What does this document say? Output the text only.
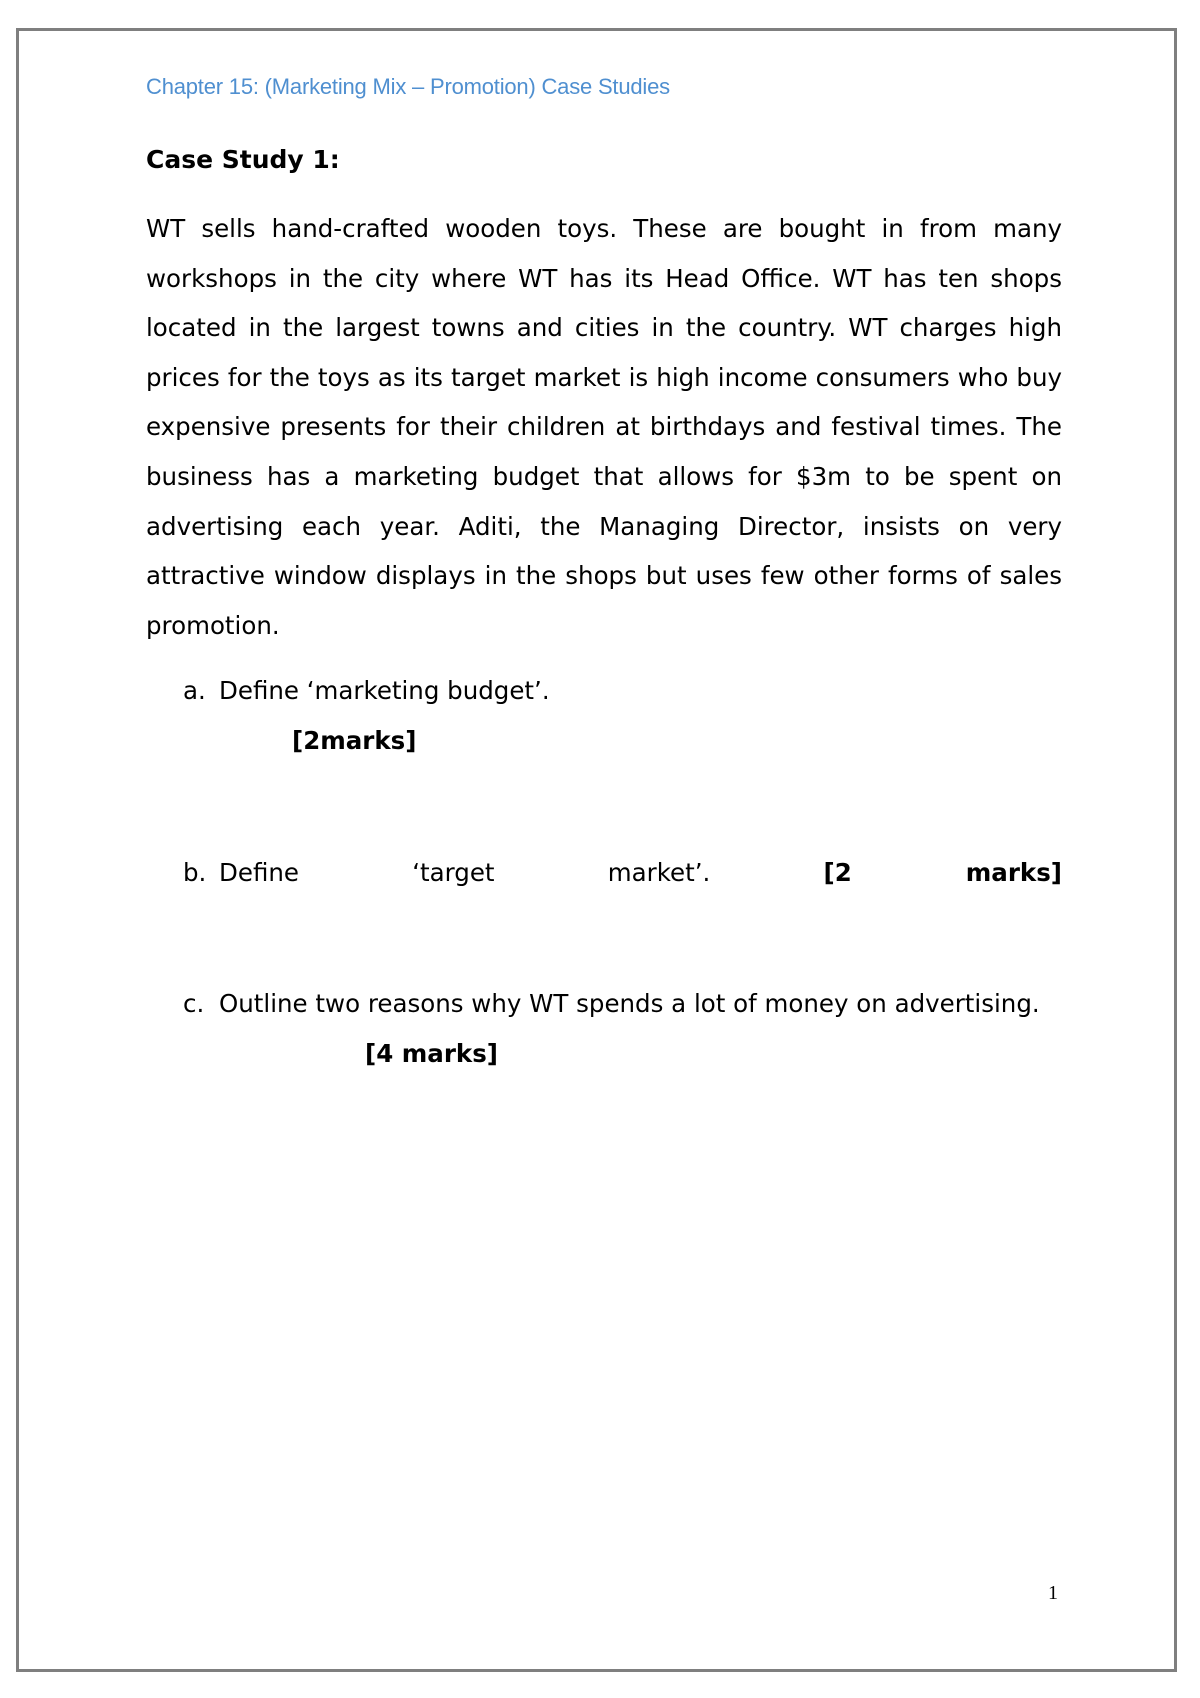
Chapter 15: (Marketing Mix – Promotion) Case Studies

Case Study 1:

WT sells hand-crafted wooden toys. These are bought in from many workshops in the city where WT has its Head Office. WT has ten shops located in the largest towns and cities in the country. WT charges high prices for the toys as its target market is high income consumers who buy expensive presents for their children at birthdays and festival times. The business has a marketing budget that allows for $3m to be spent on advertising each year. Aditi, the Managing Director, insists on very attractive window displays in the shops but uses few other forms of sales promotion.

a. Define ‘marketing budget’.
[2marks]
b. Define ‘target market’.	[2 marks]
c. Outline two reasons why WT spends a lot of money on advertising.
[4 marks]
1
